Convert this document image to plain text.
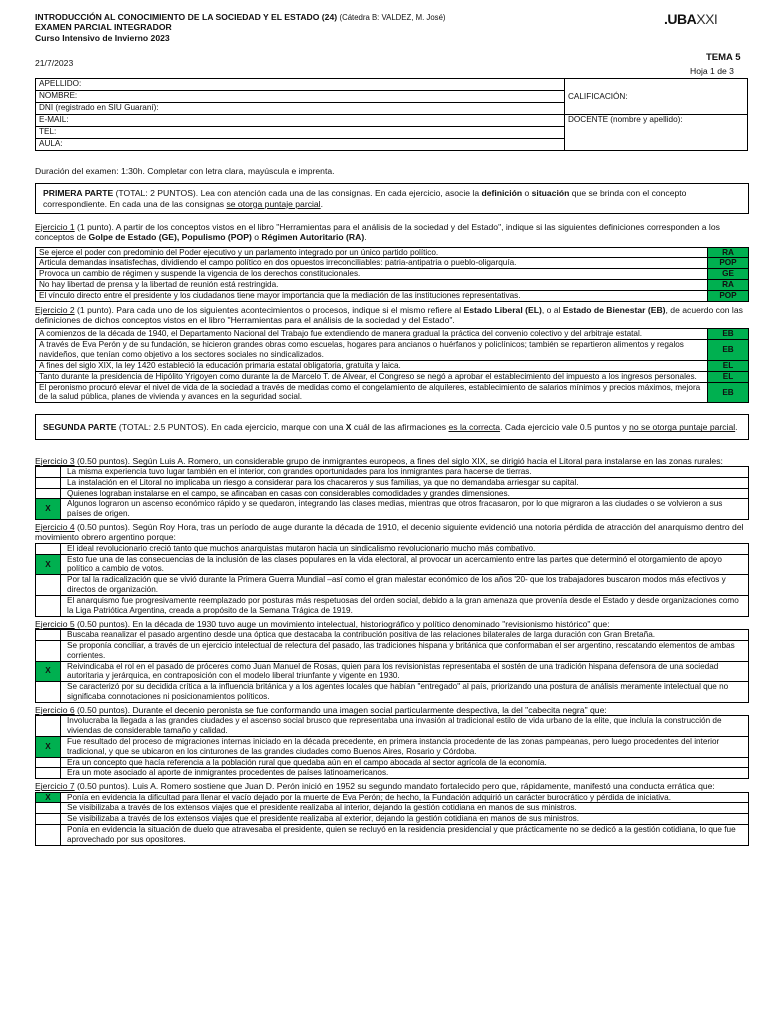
INTRODUCCIÓN AL CONOCIMIENTO DE LA SOCIEDAD Y EL ESTADO (24) (Cátedra B: VALDEZ, M. José)
EXAMEN PARCIAL INTEGRADOR
Curso Intensivo de Invierno 2023
.UBAXXI
21/7/2023	TEMA 5
Hoja 1 de 3
APELLIDO:	CALIFICACIÓN:
NOMBRE:	
DNI (registrado en SIU Guaraní):	
E-MAIL:	DOCENTE (nombre y apellido):
TEL:	
AULA:	

Duración del examen: 1:30h. Completar con letra clara, mayúscula e imprenta.

PRIMERA PARTE (TOTAL: 2 PUNTOS). Lea con atención cada una de las consignas. En cada ejercicio, asocie la definición o situación que se brinda con el concepto correspondiente. En cada una de las consignas se otorga puntaje parcial.

Ejercicio 1 (1 punto). A partir de los conceptos vistos en el libro "Herramientas para el análisis de la sociedad y del Estado", indique si las siguientes definiciones corresponden a los conceptos de Golpe de Estado (GE), Populismo (POP) o Régimen Autoritario (RA).

Se ejerce el poder con predominio del Poder ejecutivo y un parlamento integrado por un único partido político.	RA
Articula demandas insatisfechas, dividiendo el campo político en dos opuestos irreconciliables: patria-antipatria o pueblo-oligarquía.	POP
Provoca un cambio de régimen y suspende la vigencia de los derechos constitucionales.	GE
No hay libertad de prensa y la libertad de reunión está restringida.	RA
El vínculo directo entre el presidente y los ciudadanos tiene mayor importancia que la mediación de las instituciones representativas.	POP

Ejercicio 2 (1 punto). Para cada uno de los siguientes acontecimientos o procesos, indique si el mismo refiere al Estado Liberal (EL), o al Estado de Bienestar (EB), de acuerdo con las definiciones de dichos conceptos vistos en el libro "Herramientas para el análisis de la sociedad y del Estado".

A comienzos de la década de 1940, el Departamento Nacional del Trabajo fue extendiendo de manera gradual la práctica del convenio colectivo y del arbitraje estatal.	EB
A través de Eva Perón y de su fundación, se hicieron grandes obras como escuelas, hogares para ancianos o huérfanos y policlínicos; también se repartieron alimentos y regalos navideños, que tenían como objetivo a los sectores sociales no sindicalizados.	EB
A fines del siglo XIX, la ley 1420 estableció la educación primaria estatal obligatoria, gratuita y laica.	EL
Tanto durante la presidencia de Hipólito Yrigoyen como durante la de Marcelo T. de Alvear, el Congreso se negó a aprobar el establecimiento del impuesto a los ingresos personales.	EL
El peronismo procuró elevar el nivel de vida de la sociedad a través de medidas como el congelamiento de alquileres, establecimiento de salarios mínimos y precios máximos, mejora de la salud pública, planes de vivienda y avances en la seguridad social.	EB
SEGUNDA PARTE (TOTAL: 2.5 PUNTOS). En cada ejercicio, marque con una X cuál de las afirmaciones es la correcta. Cada ejercicio vale 0.5 puntos y no se otorga puntaje parcial.

Ejercicio 3 (0.50 puntos). Según Luis A. Romero, un considerable grupo de inmigrantes europeos, a fines del siglo XIX, se dirigió hacia el Litoral para instalarse en las zonas rurales:

	La misma experiencia tuvo lugar también en el interior, con grandes oportunidades para los inmigrantes para hacerse de tierras.
	La instalación en el Litoral no implicaba un riesgo a considerar para los chacareros y sus familias, ya que no demandaba arriesgar su capital.
	Quienes lograban instalarse en el campo, se afincaban en casas con considerables comodidades y grandes dimensiones.
X	Algunos lograron un ascenso económico rápido y se quedaron, integrando las clases medias, mientras que otros fracasaron, por lo que migraron a las ciudades o se volvieron a sus países de origen.

Ejercicio 4 (0.50 puntos). Según Roy Hora, tras un período de auge durante la década de 1910, el decenio siguiente evidenció una notoria pérdida de atracción del anarquismo dentro del movimiento obrero argentino porque:

	El ideal revolucionario creció tanto que muchos anarquistas mutaron hacia un sindicalismo revolucionario mucho más combativo.
X	Esto fue una de las consecuencias de la inclusión de las clases populares en la vida electoral, al provocar un acercamiento entre las partes que determinó el otorgamiento de apoyo político a cambio de votos.
	Por tal la radicalización que se vivió durante la Primera Guerra Mundial –así como el gran malestar económico de los años '20- que los trabajadores buscaron modos más efectivos y directos de organización.
	El anarquismo fue progresivamente reemplazado por posturas más respetuosas del orden social, debido a la gran amenaza que provenía desde el Estado y desde organizaciones como la Liga Patriótica Argentina, creada a propósito de la Semana Trágica de 1919.

Ejercicio 5 (0.50 puntos). En la década de 1930 tuvo auge un movimiento intelectual, historiográfico y político denominado "revisionismo histórico" que:

	Buscaba reanalizar el pasado argentino desde una óptica que destacaba la contribución positiva de las relaciones bilaterales de larga duración con Gran Bretaña.
	Se proponía conciliar, a través de un ejercicio intelectual de relectura del pasado, las tradiciones hispana y británica que conformaban el ser argentino, rescatando elementos de ambas corrientes.
X	Reivindicaba el rol en el pasado de próceres como Juan Manuel de Rosas, quien para los revisionistas representaba el sostén de una tradición hispana defensora de una sociedad autoritaria y jerárquica, en contraposición con el modelo liberal triunfante y vigente en 1930.
	Se caracterizó por su decidida crítica a la influencia británica y a los agentes locales que habían "entregado" al país, priorizando una postura de análisis meramente intelectual que no significaba connotaciones ni posicionamientos políticos.

Ejercicio 6 (0.50 puntos). Durante el decenio peronista se fue conformando una imagen social particularmente despectiva, la del "cabecita negra" que:

	Involucraba la llegada a las grandes ciudades y el ascenso social brusco que representaba una invasión al tradicional estilo de vida urbano de la elite, que incluía la construcción de viviendas de considerable tamaño y calidad.
X	Fue resultado del proceso de migraciones internas iniciado en la década precedente, en primera instancia procedente de las zonas pampeanas, pero luego procedentes del interior tradicional, y que se ubicaron en los cinturones de las grandes ciudades como Buenos Aires, Rosario y Córdoba.
	Era un concepto que hacía referencia a la población rural que quedaba aún en el campo abocada al sector agrícola de la economía.
	Era un mote asociado al aporte de inmigrantes procedentes de países latinoamericanos.

Ejercicio 7 (0.50 puntos). Luis A. Romero sostiene que Juan D. Perón inició en 1952 su segundo mandato fortalecido pero que, rápidamente, manifestó una conducta errática que:

X	Ponía en evidencia la dificultad para llenar el vacío dejado por la muerte de Eva Perón; de hecho, la Fundación adquirió un carácter burocrático y pérdida de iniciativa.
	Se visibilizaba a través de los extensos viajes que el presidente realizaba al interior, dejando la gestión cotidiana en manos de sus ministros.
	Se visibilizaba a través de los extensos viajes que el presidente realizaba al exterior, dejando la gestión cotidiana en manos de sus ministros.
	Ponía en evidencia la situación de duelo que atravesaba el presidente, quien se recluyó en la residencia presidencial y que prácticamente no se dedicó a la gestión cotidiana, lo que fue aprovechado por sus opositores.
